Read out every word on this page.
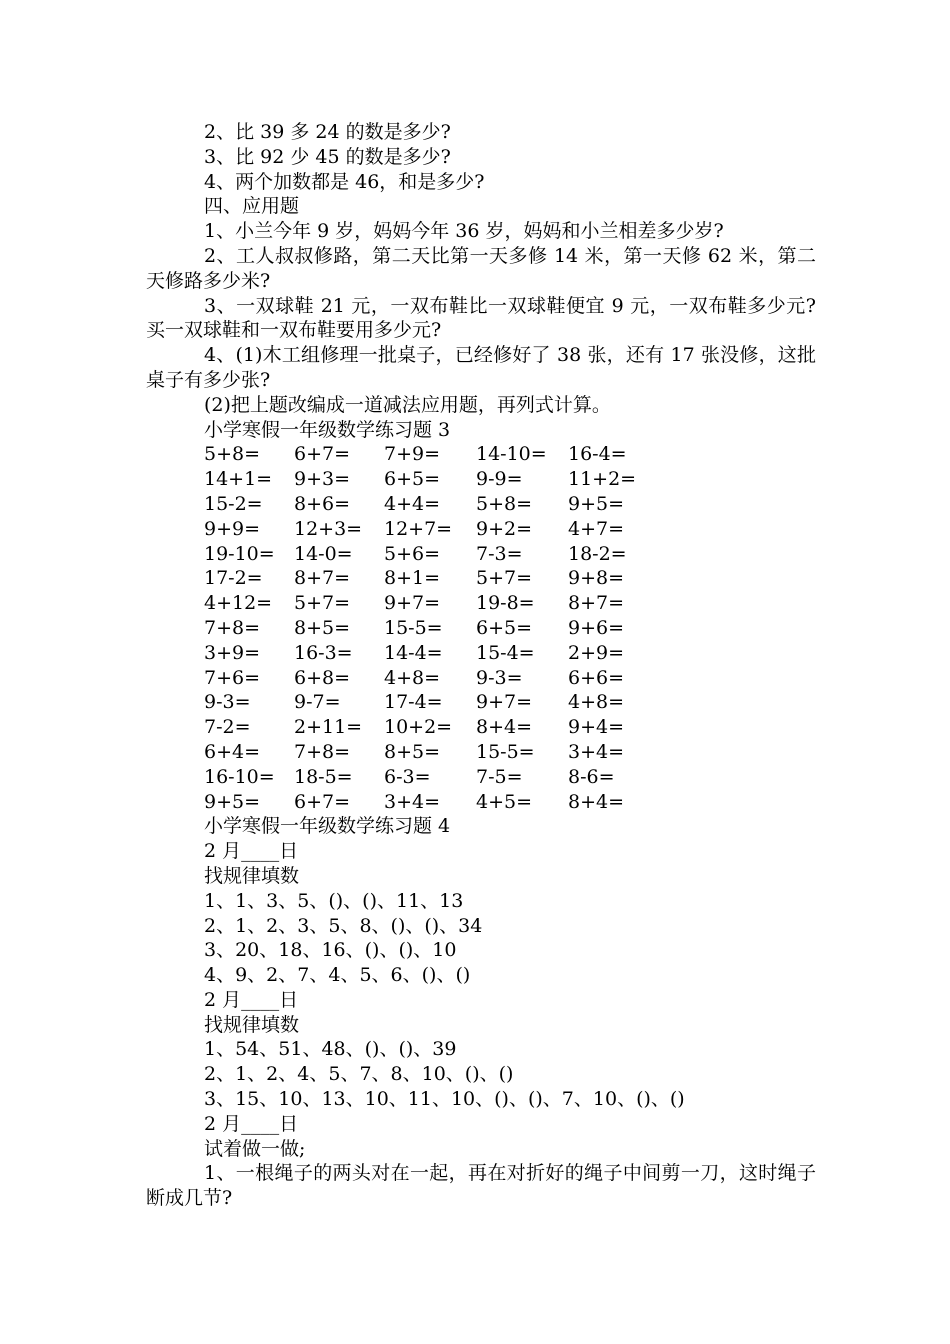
2、比 39 多 24 的数是多少?
3、比 92 少 45 的数是多少?
4、两个加数都是 46，和是多少?
四、应用题
1、小兰今年 9 岁，妈妈今年 36 岁，妈妈和小兰相差多少岁?
2、工人叔叔修路，第二天比第一天多修 14 米，第一天修 62 米，第二天修路多少米?
3、一双球鞋 21 元，一双布鞋比一双球鞋便宜 9 元，一双布鞋多少元?买一双球鞋和一双布鞋要用多少元?
4、(1)木工组修理一批桌子，已经修好了 38 张，还有 17 张没修，这批桌子有多少张?
(2)把上题改编成一道减法应用题，再列式计算。
小学寒假一年级数学练习题 3
5+8=	6+7=	7+9=	14-10=	16-4=
14+1=	9+3=	6+5=	9-9=	11+2=
15-2=	8+6=	4+4=	5+8=	9+5=
9+9=	12+3=	12+7=	9+2=	4+7=
19-10=	14-0=	5+6=	7-3=	18-2=
17-2=	8+7=	8+1=	5+7=	9+8=
4+12=	5+7=	9+7=	19-8=	8+7=
7+8=	8+5=	15-5=	6+5=	9+6=
3+9=	16-3=	14-4=	15-4=	2+9=
7+6=	6+8=	4+8=	9-3=	6+6=
9-3=	9-7=	17-4=	9+7=	4+8=
7-2=	2+11=	10+2=	8+4=	9+4=
6+4=	7+8=	8+5=	15-5=	3+4=
16-10=	18-5=	6-3=	7-5=	8-6=
9+5=	6+7=	3+4=	4+5=	8+4=
小学寒假一年级数学练习题 4
2 月____日
找规律填数
1、1、3、5、()、()、11、13
2、1、2、3、5、8、()、()、34
3、20、18、16、()、()、10
4、9、2、7、4、5、6、()、()
2 月____日
找规律填数
1、54、51、48、()、()、39
2、1、2、4、5、7、8、10、()、()
3、15、10、13、10、11、10、()、()、7、10、()、()
2 月____日
试着做一做;
1、一根绳子的两头对在一起，再在对折好的绳子中间剪一刀，这时绳子断成几节?
